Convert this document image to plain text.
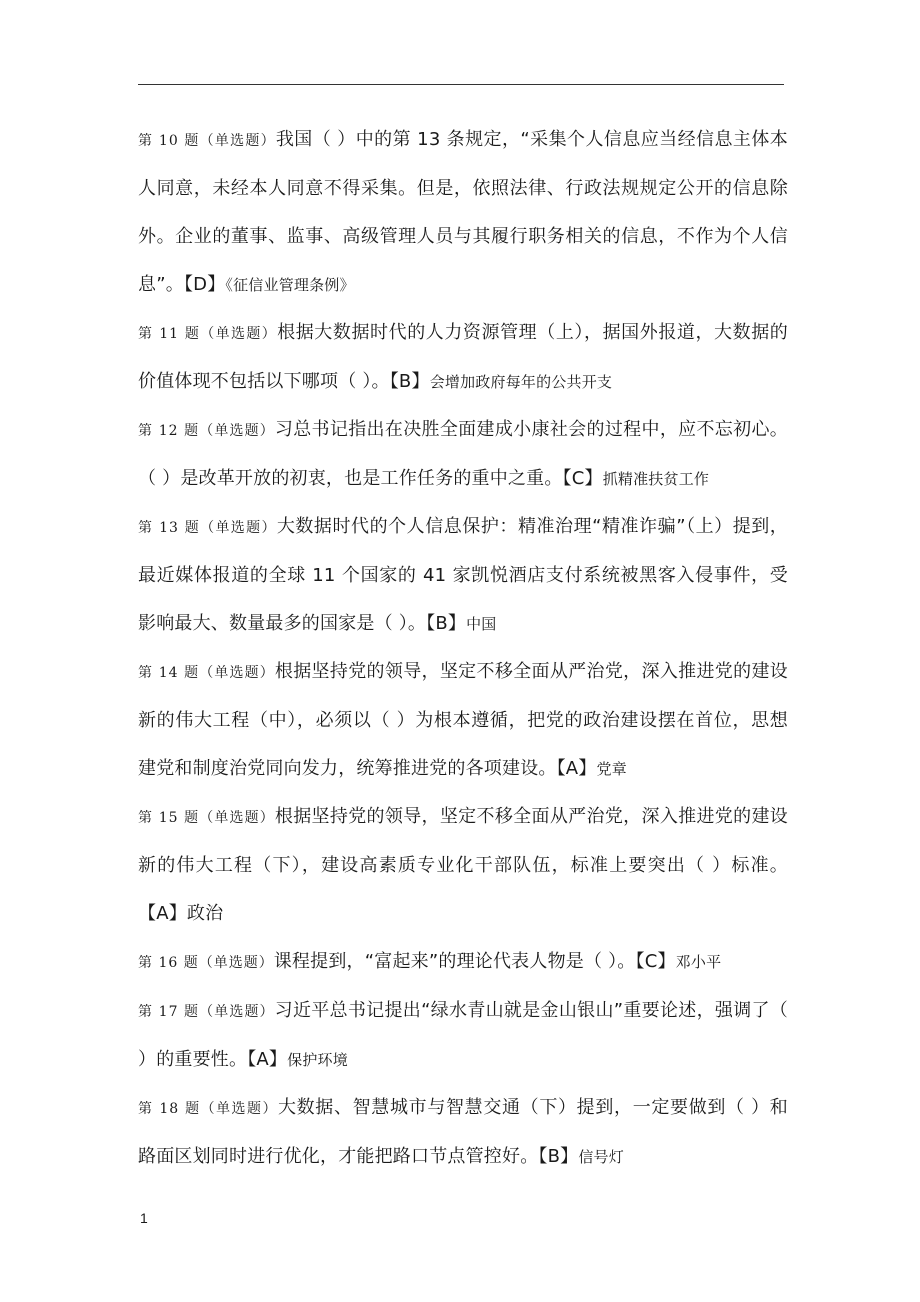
第 10 题（单选题）我国（ ）中的第 13 条规定，“采集个人信息应当经信息主体本人同意，未经本人同意不得采集。但是，依照法律、行政法规规定公开的信息除外。企业的董事、监事、高级管理人员与其履行职务相关的信息，不作为个人信息”。【D】《征信业管理条例》

第 11 题（单选题）根据大数据时代的人力资源管理（上），据国外报道，大数据的价值体现不包括以下哪项（ ）。【B】会增加政府每年的公共开支

第 12 题（单选题）习总书记指出在决胜全面建成小康社会的过程中，应不忘初心。（ ）是改革开放的初衷，也是工作任务的重中之重。【C】抓精准扶贫工作

第 13 题（单选题）大数据时代的个人信息保护：精准治理“精准诈骗”（上）提到，最近媒体报道的全球 11 个国家的 41 家凯悦酒店支付系统被黑客入侵事件，受影响最大、数量最多的国家是（ ）。【B】中国

第 14 题（单选题）根据坚持党的领导，坚定不移全面从严治党，深入推进党的建设新的伟大工程（中），必须以（ ）为根本遵循，把党的政治建设摆在首位，思想建党和制度治党同向发力，统筹推进党的各项建设。【A】党章

第 15 题（单选题）根据坚持党的领导，坚定不移全面从严治党，深入推进党的建设新的伟大工程（下），建设高素质专业化干部队伍，标准上要突出（ ）标准。【A】政治

第 16 题（单选题）课程提到，“富起来”的理论代表人物是（ ）。【C】邓小平

第 17 题（单选题）习近平总书记提出“绿水青山就是金山银山”重要论述，强调了（ ）的重要性。【A】保护环境

第 18 题（单选题）大数据、智慧城市与智慧交通（下）提到，一定要做到（ ）和路面区划同时进行优化，才能把路口节点管控好。【B】信号灯

1
